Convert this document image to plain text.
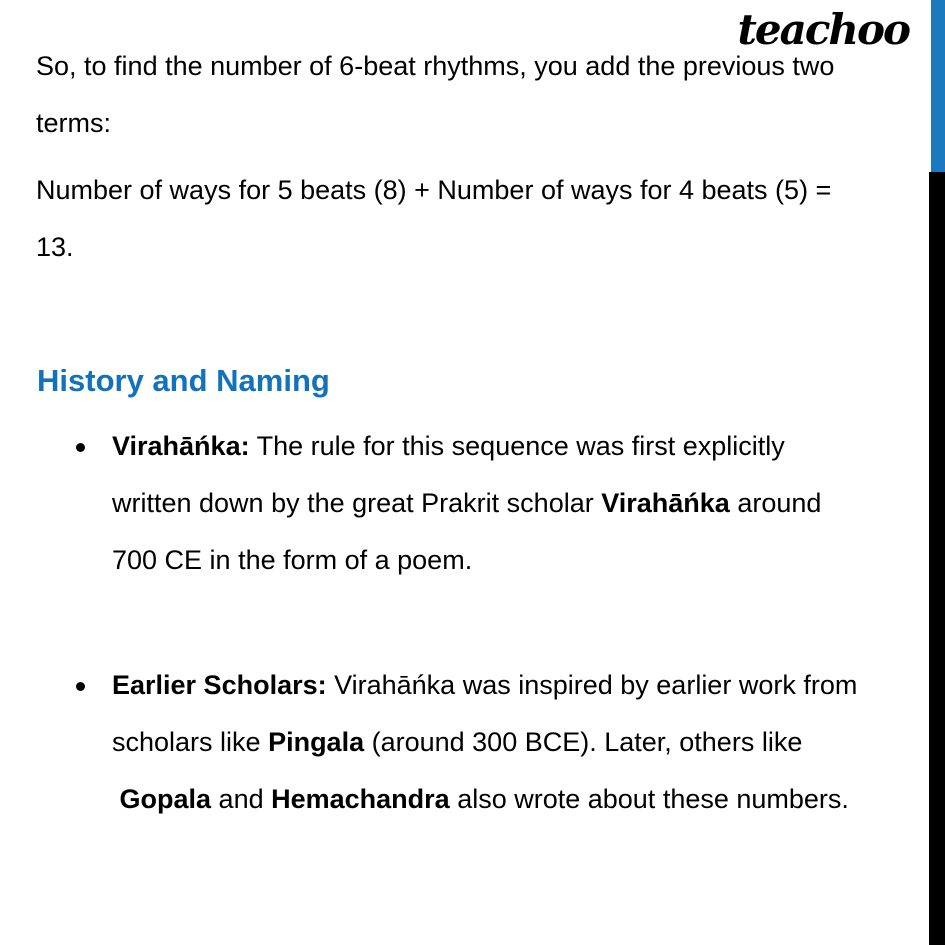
teachoo
So, to find the number of 6-beat rhythms, you add the previous two
terms:
Number of ways for 5 beats (8) + Number of ways for 4 beats (5) =
13.
History and Naming
Virahāńka: The rule for this sequence was first explicitly
written down by the great Prakrit scholar Virahāńka around
700 CE in the form of a poem.
Earlier Scholars: Virahāńka was inspired by earlier work from
scholars like Pingala (around 300 BCE). Later, others like
Gopala and Hemachandra also wrote about these numbers.
